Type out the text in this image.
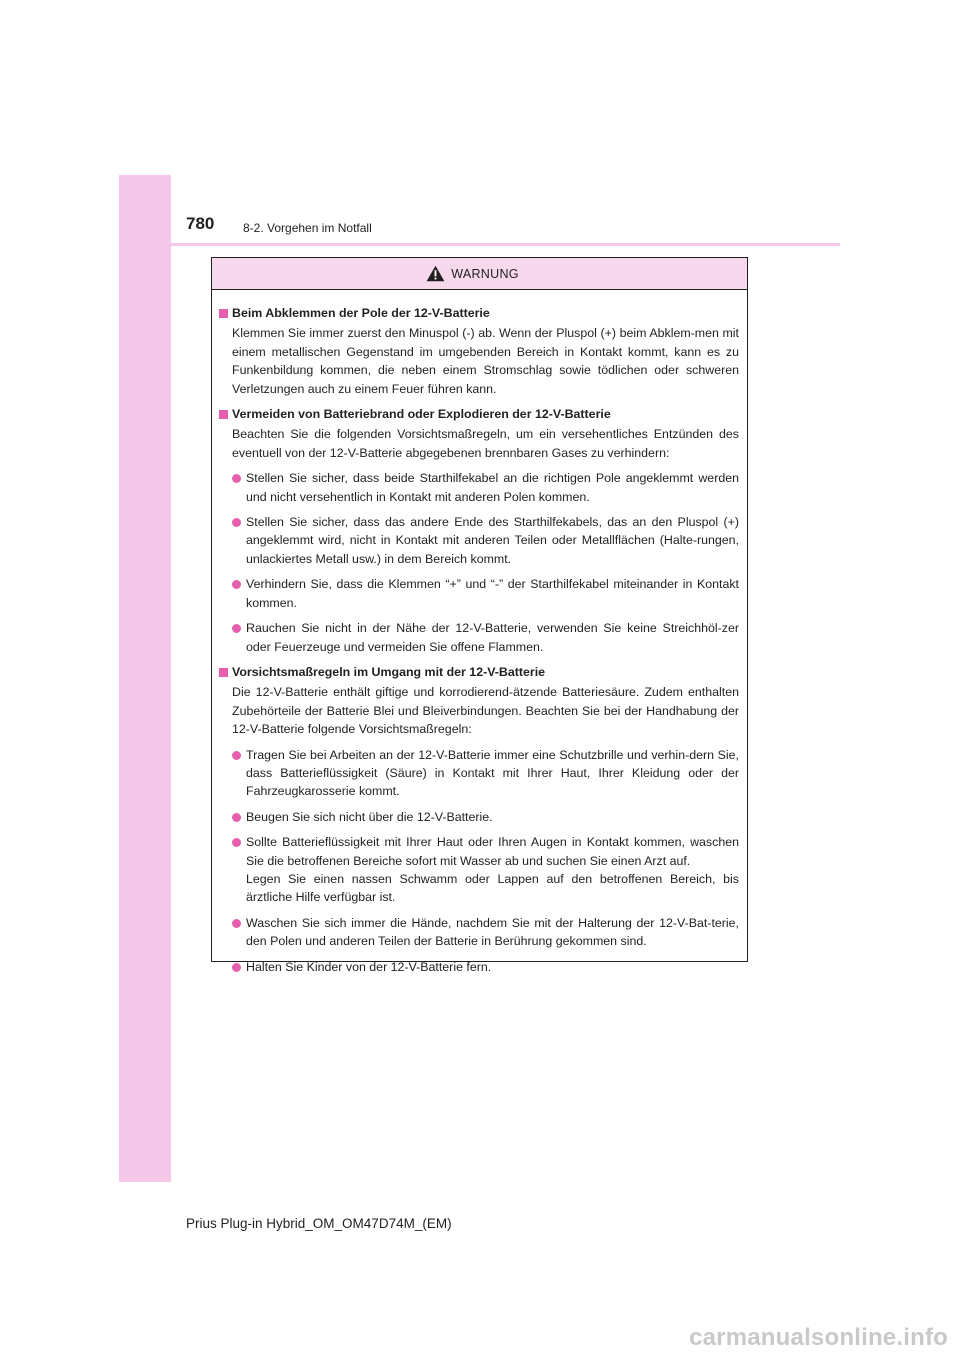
780 8-2. Vorgehen im Notfall
WARNUNG
Beim Abklemmen der Pole der 12-V-Batterie
Klemmen Sie immer zuerst den Minuspol (-) ab. Wenn der Pluspol (+) beim Abklem-men mit einem metallischen Gegenstand im umgebenden Bereich in Kontakt kommt, kann es zu Funkenbildung kommen, die neben einem Stromschlag sowie tödlichen oder schweren Verletzungen auch zu einem Feuer führen kann.
Vermeiden von Batteriebrand oder Explodieren der 12-V-Batterie
Beachten Sie die folgenden Vorsichtsmaßregeln, um ein versehentliches Entzünden des eventuell von der 12-V-Batterie abgegebenen brennbaren Gases zu verhindern:
Stellen Sie sicher, dass beide Starthilfekabel an die richtigen Pole angeklemmt werden und nicht versehentlich in Kontakt mit anderen Polen kommen.
Stellen Sie sicher, dass das andere Ende des Starthilfekabels, das an den Pluspol (+) angeklemmt wird, nicht in Kontakt mit anderen Teilen oder Metallflächen (Halte-rungen, unlackiertes Metall usw.) in dem Bereich kommt.
Verhindern Sie, dass die Klemmen “+” und “-” der Starthilfekabel miteinander in Kontakt kommen.
Rauchen Sie nicht in der Nähe der 12-V-Batterie, verwenden Sie keine Streichhöl-zer oder Feuerzeuge und vermeiden Sie offene Flammen.
Vorsichtsmaßregeln im Umgang mit der 12-V-Batterie
Die 12-V-Batterie enthält giftige und korrodierend-ätzende Batteriesäure. Zudem enthalten Zubehörteile der Batterie Blei und Bleiverbindungen. Beachten Sie bei der Handhabung der 12-V-Batterie folgende Vorsichtsmaßregeln:
Tragen Sie bei Arbeiten an der 12-V-Batterie immer eine Schutzbrille und verhin-dern Sie, dass Batterieflüssigkeit (Säure) in Kontakt mit Ihrer Haut, Ihrer Kleidung oder der Fahrzeugkarosserie kommt.
Beugen Sie sich nicht über die 12-V-Batterie.
Sollte Batterieflüssigkeit mit Ihrer Haut oder Ihren Augen in Kontakt kommen, waschen Sie die betroffenen Bereiche sofort mit Wasser ab und suchen Sie einen Arzt auf.
Legen Sie einen nassen Schwamm oder Lappen auf den betroffenen Bereich, bis ärztliche Hilfe verfügbar ist.
Waschen Sie sich immer die Hände, nachdem Sie mit der Halterung der 12-V-Bat-terie, den Polen und anderen Teilen der Batterie in Berührung gekommen sind.
Halten Sie Kinder von der 12-V-Batterie fern.
Prius Plug-in Hybrid_OM_OM47D74M_(EM)
carmanualsonline.info
